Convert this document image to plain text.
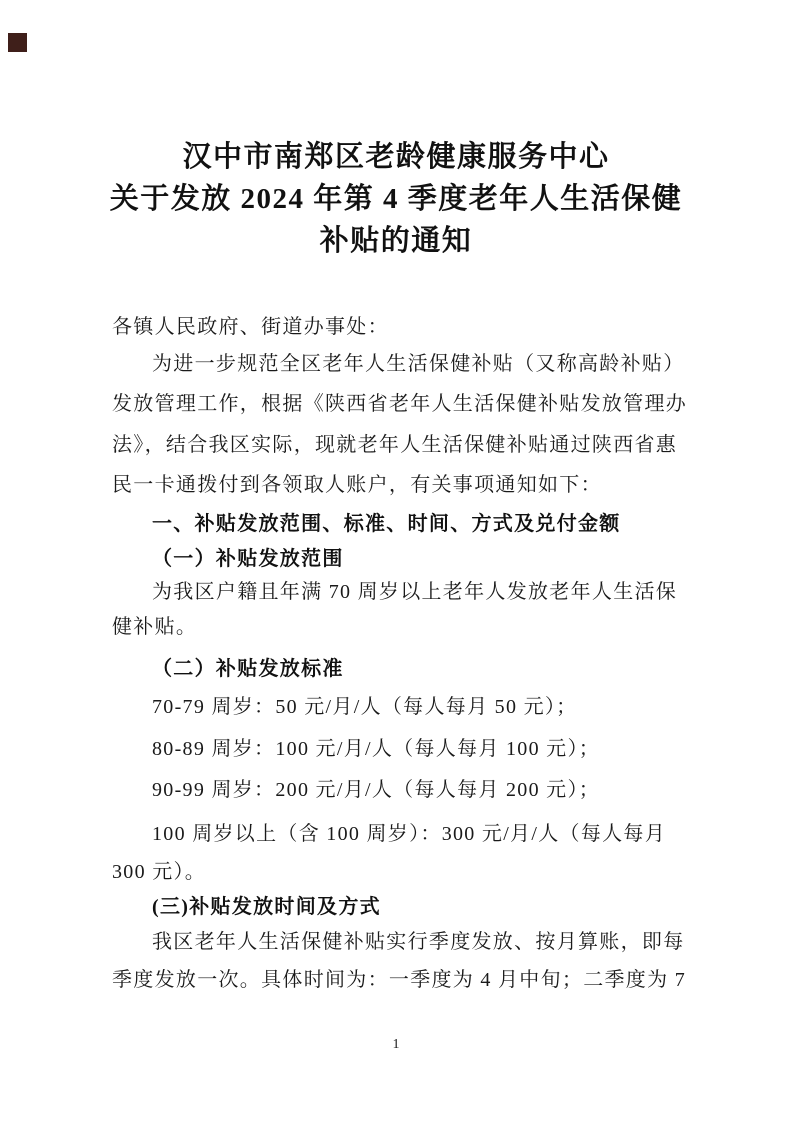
汉中市南郑区老龄健康服务中心
关于发放 2024 年第 4 季度老年人生活保健
补贴的通知
各镇人民政府、街道办事处：
为进一步规范全区老年人生活保健补贴（又称高龄补贴）
发放管理工作，根据《陕西省老年人生活保健补贴发放管理办
法》，结合我区实际，现就老年人生活保健补贴通过陕西省惠
民一卡通拨付到各领取人账户，有关事项通知如下：
一、补贴发放范围、标准、时间、方式及兑付金额
（一）补贴发放范围
为我区户籍且年满 70 周岁以上老年人发放老年人生活保
健补贴。
（二）补贴发放标准
70-79 周岁：50 元/月/人（每人每月 50 元）；
80-89 周岁：100 元/月/人（每人每月 100 元）；
90-99 周岁：200 元/月/人（每人每月 200 元）；
100 周岁以上（含 100 周岁）：300 元/月/人（每人每月
300 元）。
(三)补贴发放时间及方式
我区老年人生活保健补贴实行季度发放、按月算账，即每
季度发放一次。具体时间为：一季度为 4 月中旬；二季度为 7
1
